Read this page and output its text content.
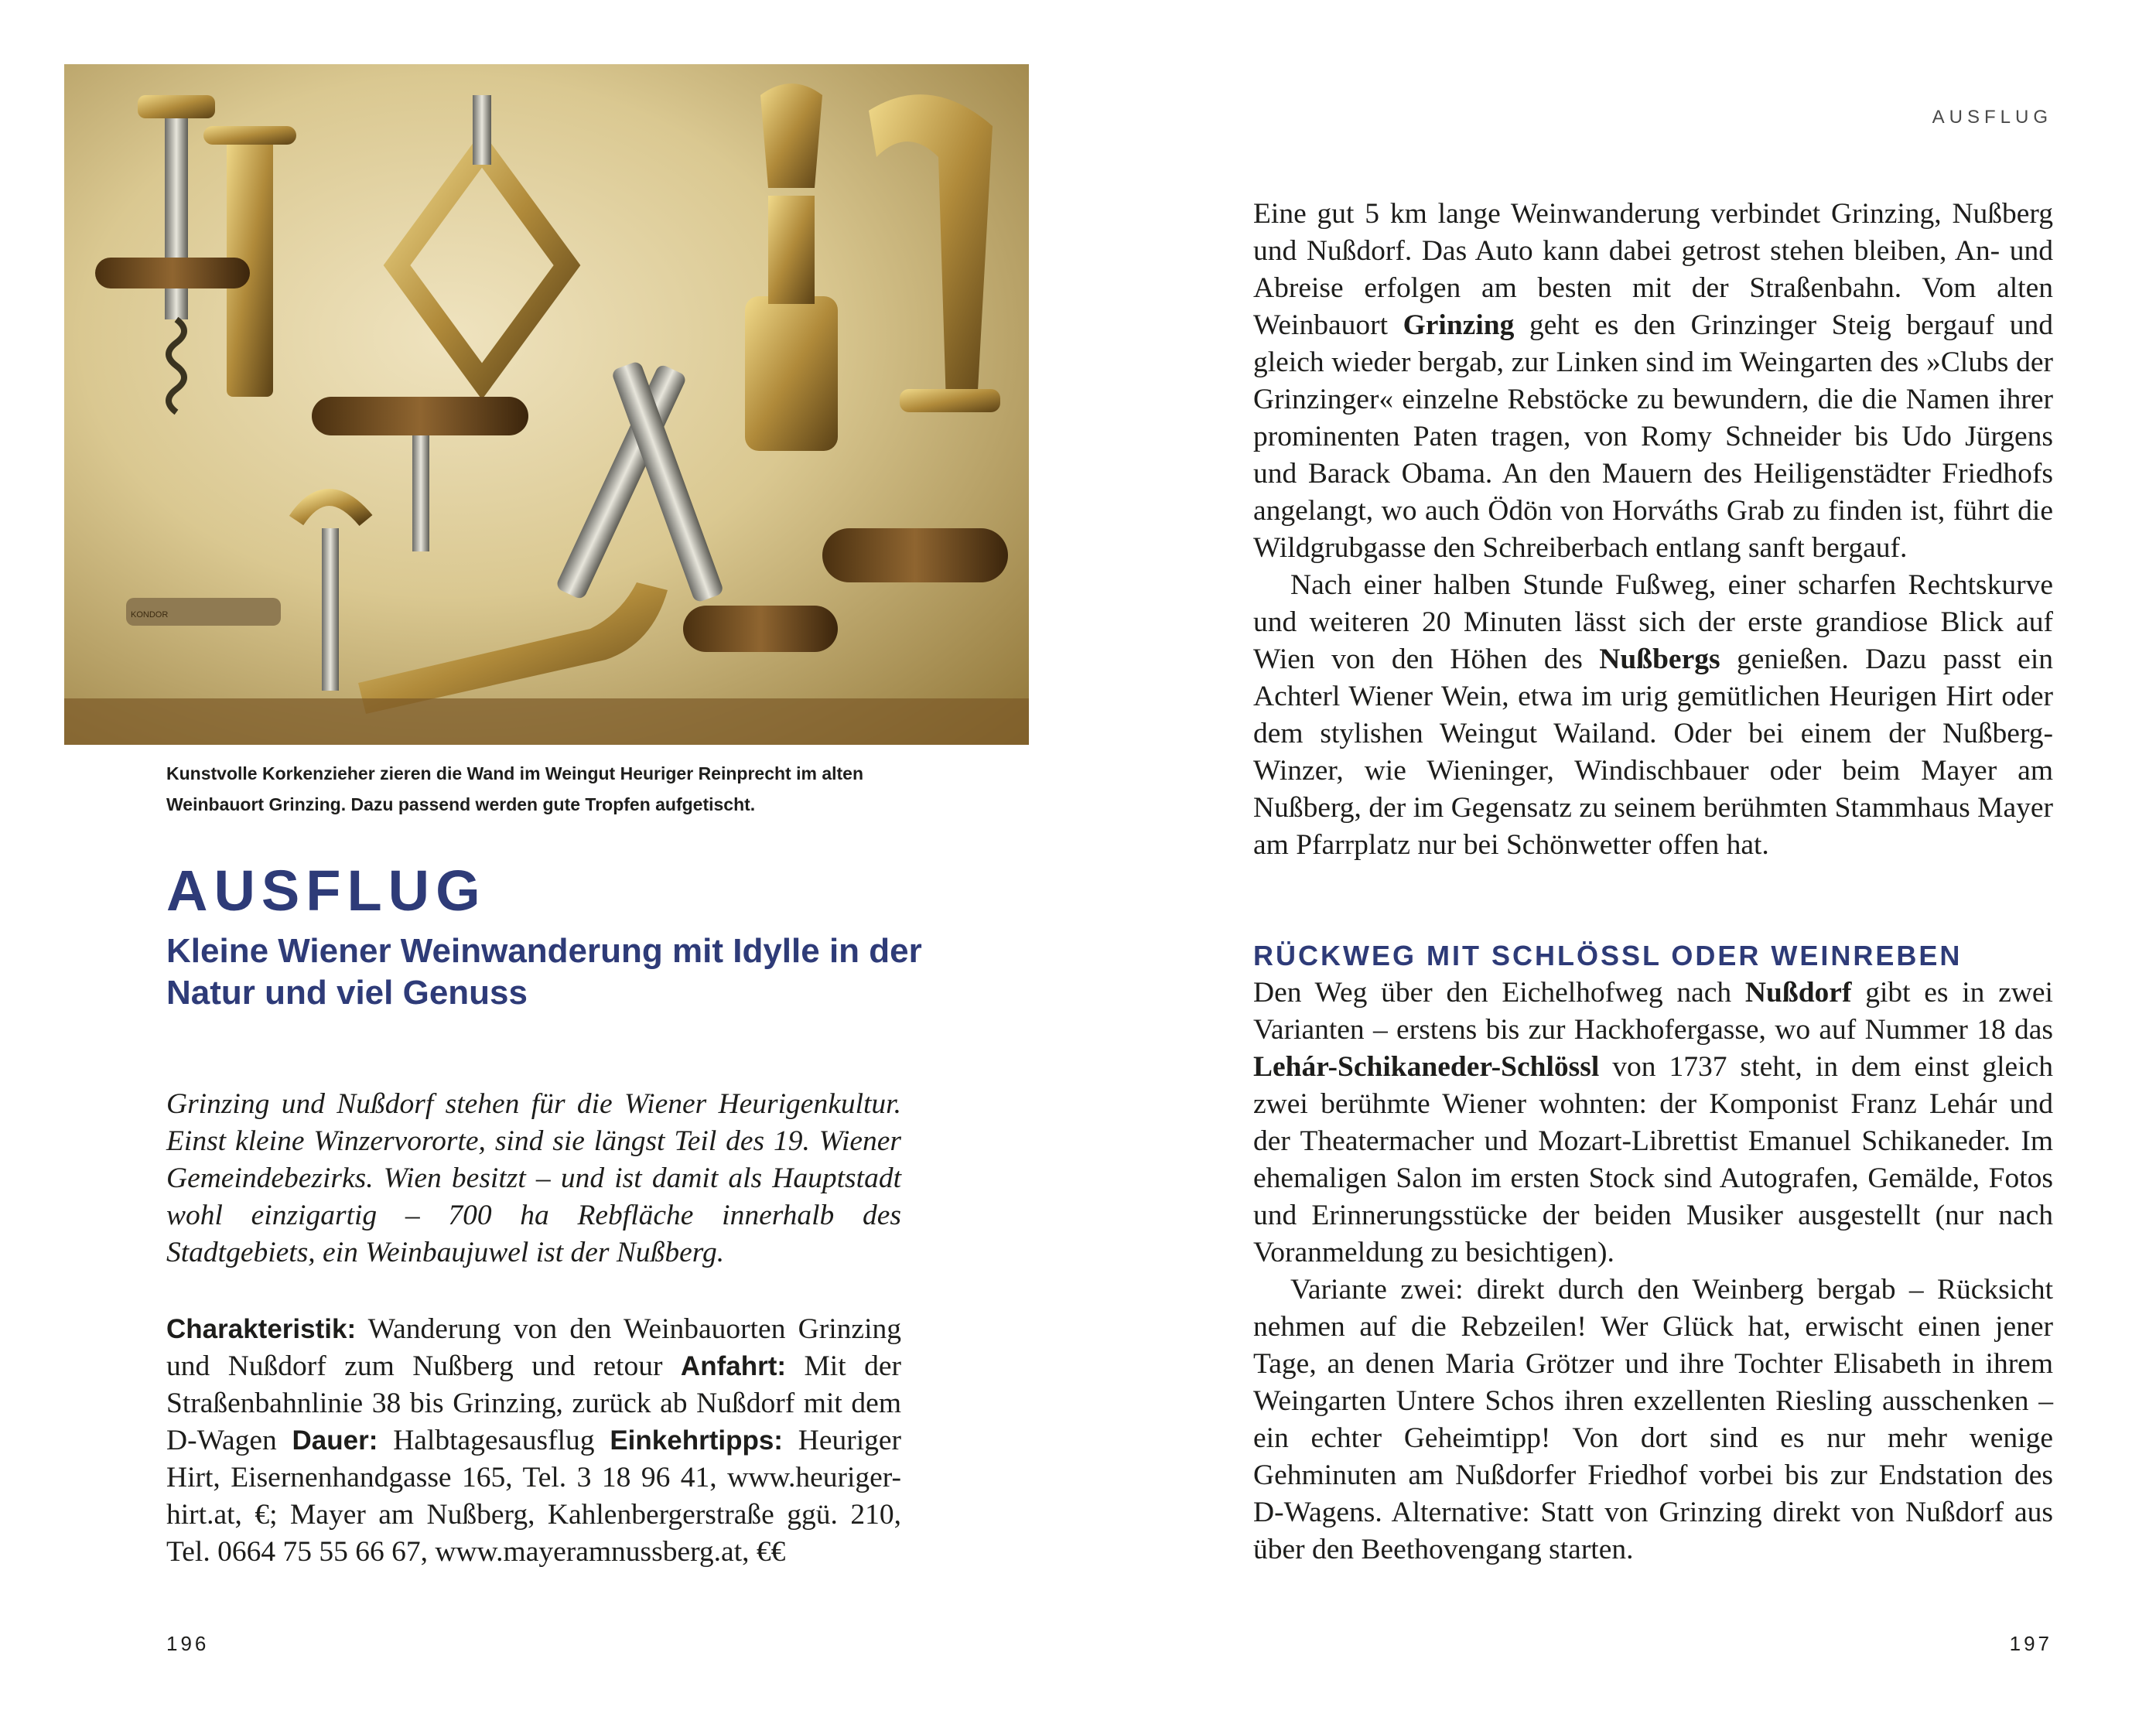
KONDOR

Kunstvolle Korkenzieher zieren die Wand im Weingut Heuriger Reinprecht im alten Weinbauort Grinzing. Dazu passend werden gute Tropfen aufgetischt.

AUSFLUG
Kleine Wiener Weinwanderung mit Idylle in der Natur und viel Genuss

Grinzing und Nußdorf stehen für die Wiener Heurigenkultur. Einst kleine Winzervororte, sind sie längst Teil des 19. Wiener Gemeindebezirks. Wien besitzt – und ist damit als Hauptstadt wohl einzigartig – 700 ha Rebfläche innerhalb des Stadtgebiets, ein Weinbaujuwel ist der Nußberg.

Charakteristik: Wanderung von den Weinbauorten Grinzing und Nußdorf zum Nußberg und retour Anfahrt: Mit der Straßenbahnlinie 38 bis Grinzing, zurück ab Nußdorf mit dem D-Wagen Dauer: Halbtagesausflug Einkehrtipps: Heuriger Hirt, Eisernenhandgasse 165, Tel. 3 18 96 41, www.heuriger-hirt.at, €; Mayer am Nußberg, Kahlenbergerstraße ggü. 210, Tel. 0664 75 55 66 67, www.mayeramnussberg.at, €€

196

AUSFLUG

Eine gut 5 km lange Weinwanderung verbindet Grinzing, Nußberg und Nußdorf. Das Auto kann dabei getrost stehen bleiben, An- und Abreise erfolgen am besten mit der Straßenbahn. Vom alten Weinbauort Grinzing geht es den Grinzinger Steig bergauf und gleich wieder bergab, zur Linken sind im Weingarten des »Clubs der Grinzinger« einzelne Rebstöcke zu bewundern, die die Namen ihrer prominenten Paten tragen, von Romy Schneider bis Udo Jürgens und Barack Obama. An den Mauern des Heiligenstädter Friedhofs angelangt, wo auch Ödön von Horváths Grab zu finden ist, führt die Wildgrubgasse den Schreiberbach entlang sanft bergauf.

Nach einer halben Stunde Fußweg, einer scharfen Rechtskurve und weiteren 20 Minuten lässt sich der erste grandiose Blick auf Wien von den Höhen des Nußbergs genießen. Dazu passt ein Achterl Wiener Wein, etwa im urig gemütlichen Heurigen Hirt oder dem stylishen Weingut Wailand. Oder bei einem der Nußberg-Winzer, wie Wieninger, Windischbauer oder beim Mayer am Nußberg, der im Gegensatz zu seinem berühmten Stammhaus Mayer am Pfarrplatz nur bei Schönwetter offen hat.

RÜCKWEG MIT SCHLÖSSL ODER WEINREBEN

Den Weg über den Eichelhofweg nach Nußdorf gibt es in zwei Varianten – erstens bis zur Hackhofergasse, wo auf Nummer 18 das Lehár-Schikaneder-Schlössl von 1737 steht, in dem einst gleich zwei berühmte Wiener wohnten: der Komponist Franz Lehár und der Theatermacher und Mozart-Librettist Emanuel Schikaneder. Im ehemaligen Salon im ersten Stock sind Autografen, Gemälde, Fotos und Erinnerungsstücke der beiden Musiker ausgestellt (nur nach Voranmeldung zu besichtigen).

Variante zwei: direkt durch den Weinberg bergab – Rücksicht nehmen auf die Rebzeilen! Wer Glück hat, erwischt einen jener Tage, an denen Maria Grötzer und ihre Tochter Elisabeth in ihrem Weingarten Untere Schos ihren exzellenten Riesling ausschenken – ein echter Geheimtipp! Von dort sind es nur mehr wenige Gehminuten am Nußdorfer Friedhof vorbei bis zur Endstation des D-Wagens. Alternative: Statt von Grinzing direkt von Nußdorf aus über den Beethovengang starten.

197
